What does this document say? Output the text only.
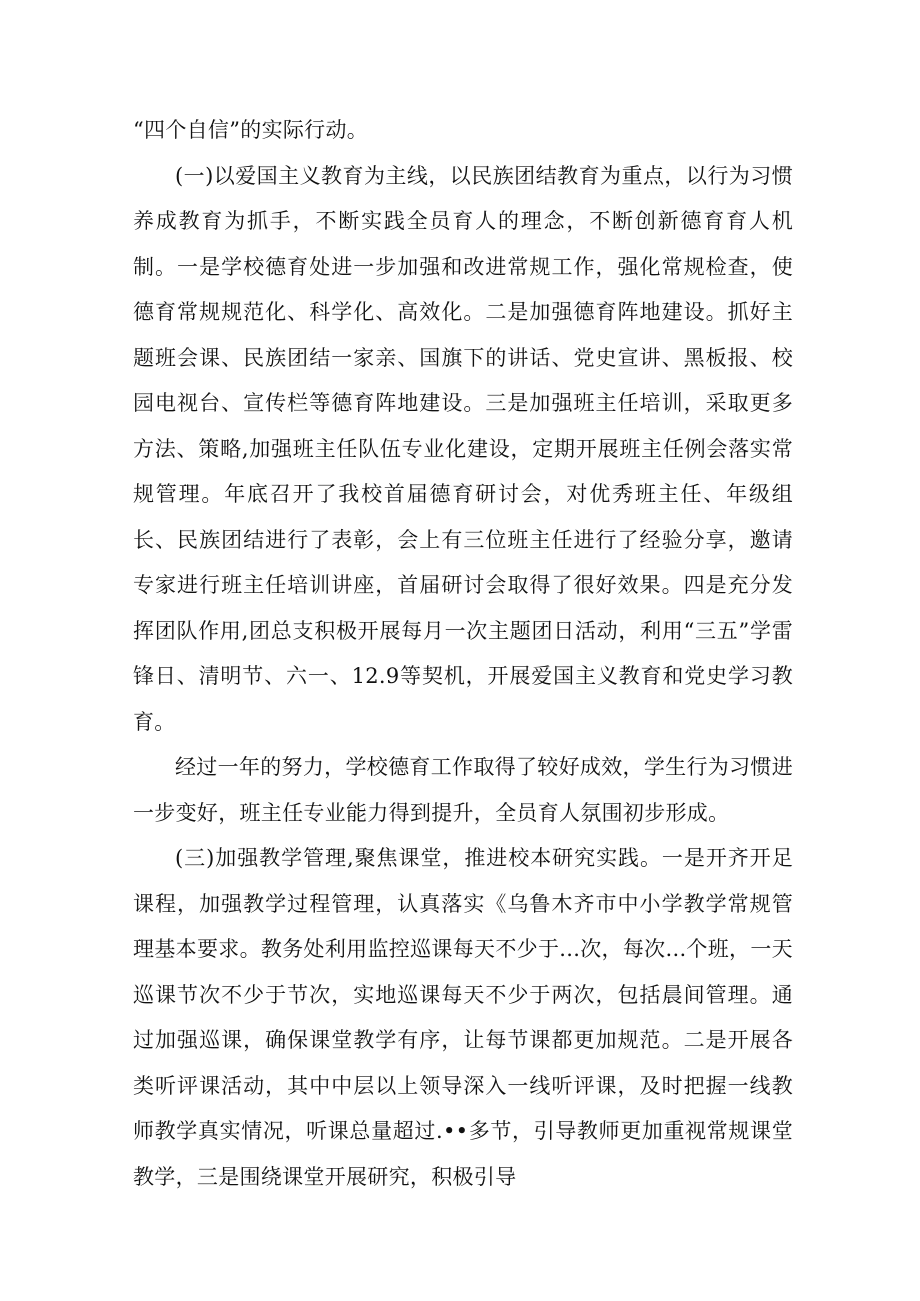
“四个自信”的实际行动。

(一)以爱国主义教育为主线，以民族团结教育为重点，以行为习惯养成教育为抓手，不断实践全员育人的理念，不断创新德育育人机制。一是学校德育处进一步加强和改进常规工作，强化常规检查，使德育常规规范化、科学化、高效化。二是加强德育阵地建设。抓好主题班会课、民族团结一家亲、国旗下的讲话、党史宣讲、黑板报、校园电视台、宣传栏等德育阵地建设。三是加强班主任培训，采取更多方法、策略,加强班主任队伍专业化建设，定期开展班主任例会落实常规管理。年底召开了我校首届德育研讨会，对优秀班主任、年级组长、民族团结进行了表彰，会上有三位班主任进行了经验分享，邀请专家进行班主任培训讲座，首届研讨会取得了很好效果。四是充分发挥团队作用,团总支积极开展每月一次主题团日活动，利用“三五”学雷锋日、清明节、六一、12.9等契机，开展爱国主义教育和党史学习教育。

经过一年的努力，学校德育工作取得了较好成效，学生行为习惯进一步变好，班主任专业能力得到提升，全员育人氛围初步形成。

(三)加强教学管理,聚焦课堂，推进校本研究实践。一是开齐开足课程，加强教学过程管理，认真落实《乌鲁木齐市中小学教学常规管理基本要求。教务处利用监控巡课每天不少于...次，每次...个班，一天巡课节次不少于节次，实地巡课每天不少于两次，包括晨间管理。通过加强巡课，确保课堂教学有序，让每节课都更加规范。二是开展各类听评课活动，其中中层以上领导深入一线听评课，及时把握一线教师教学真实情况，听课总量超过.••多节，引导教师更加重视常规课堂教学，三是围绕课堂开展研究，积极引导
